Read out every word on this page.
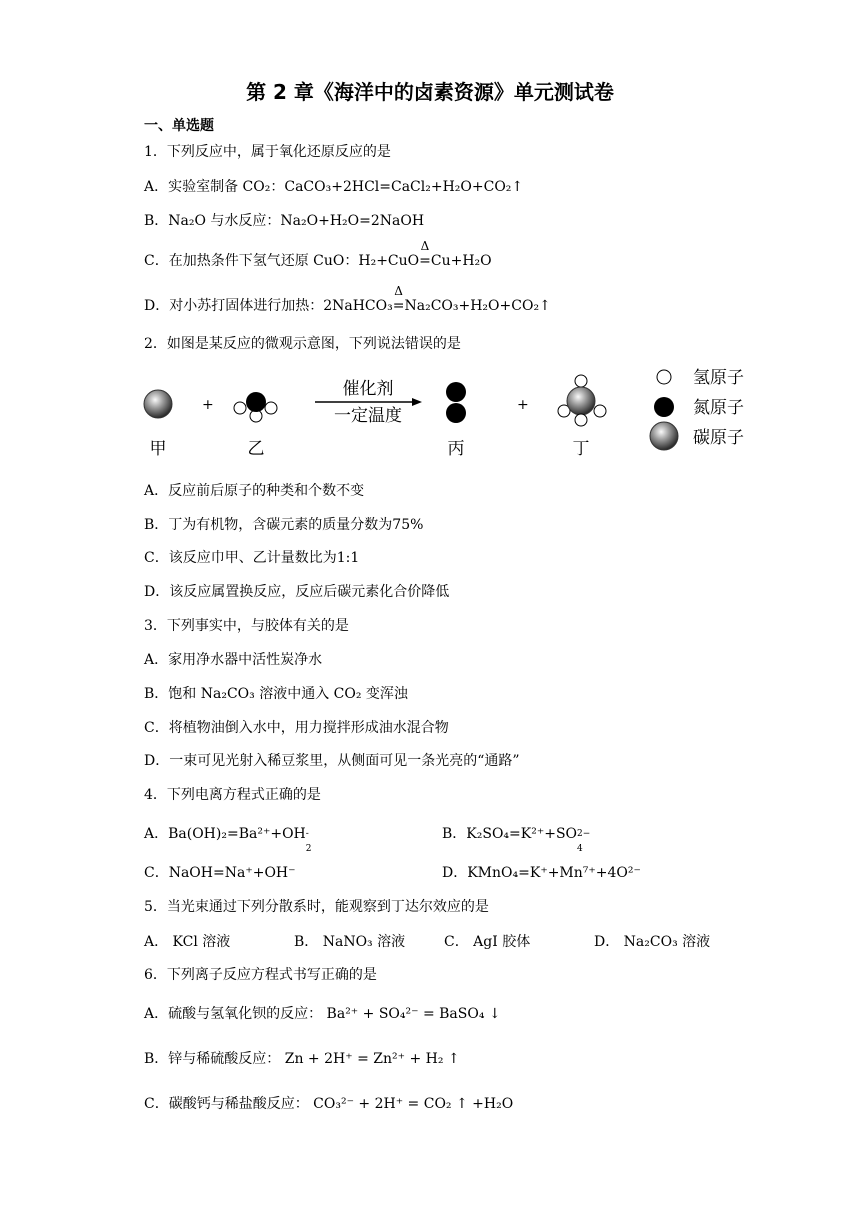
第 2 章《海洋中的卤素资源》单元测试卷
一、单选题
1．下列反应中，属于氧化还原反应的是
A．实验室制备 CO₂：CaCO₃+2HCl=CaCl₂+H₂O+CO₂↑
B．Na₂O 与水反应：Na₂O+H₂O=2NaOH
C．在加热条件下氢气还原 CuO：H₂+CuO
Δ
=Cu+H₂O
D．对小苏打固体进行加热：2NaHCO₃
Δ
=Na₂CO₃+H₂O+CO₂↑
2．如图是某反应的微观示意图，下列说法错误的是
+
催化剂
一定温度
+
甲	乙	丙	丁
氢原子
氮原子
碳原子
A．反应前后原子的种类和个数不变
B．丁为有机物，含碳元素的质量分数为75%
C．该反应巾甲、乙计量数比为1:1
D．该反应属置换反应，反应后碳元素化合价降低
3．下列事实中，与胶体有关的是
A．家用净水器中活性炭净水
B．饱和 Na₂CO₃ 溶液中通入 CO₂ 变浑浊
C．将植物油倒入水中，用力搅拌形成油水混合物
D．一束可见光射入稀豆浆里，从侧面可见一条光亮的“通路”
4．下列电离方程式正确的是
A．Ba(OH)₂=Ba²⁺+OH -
2
B．K₂SO₄=K²⁺+SO 2−
4
C．NaOH=Na⁺+OH⁻	D．KMnO₄=K⁺+Mn⁷⁺+4O²⁻
5．当光束通过下列分散系时，能观察到丁达尔效应的是
A． KCl 溶液	B． NaNO₃ 溶液	C． AgI 胶体	D． Na₂CO₃ 溶液
6．下列离子反应方程式书写正确的是
A．硫酸与氢氧化钡的反应： Ba²⁺ + SO₄²⁻ = BaSO₄ ↓
B．锌与稀硫酸反应： Zn + 2H⁺ = Zn²⁺ + H₂ ↑
C．碳酸钙与稀盐酸反应： CO₃²⁻ + 2H⁺ = CO₂ ↑ +H₂O
